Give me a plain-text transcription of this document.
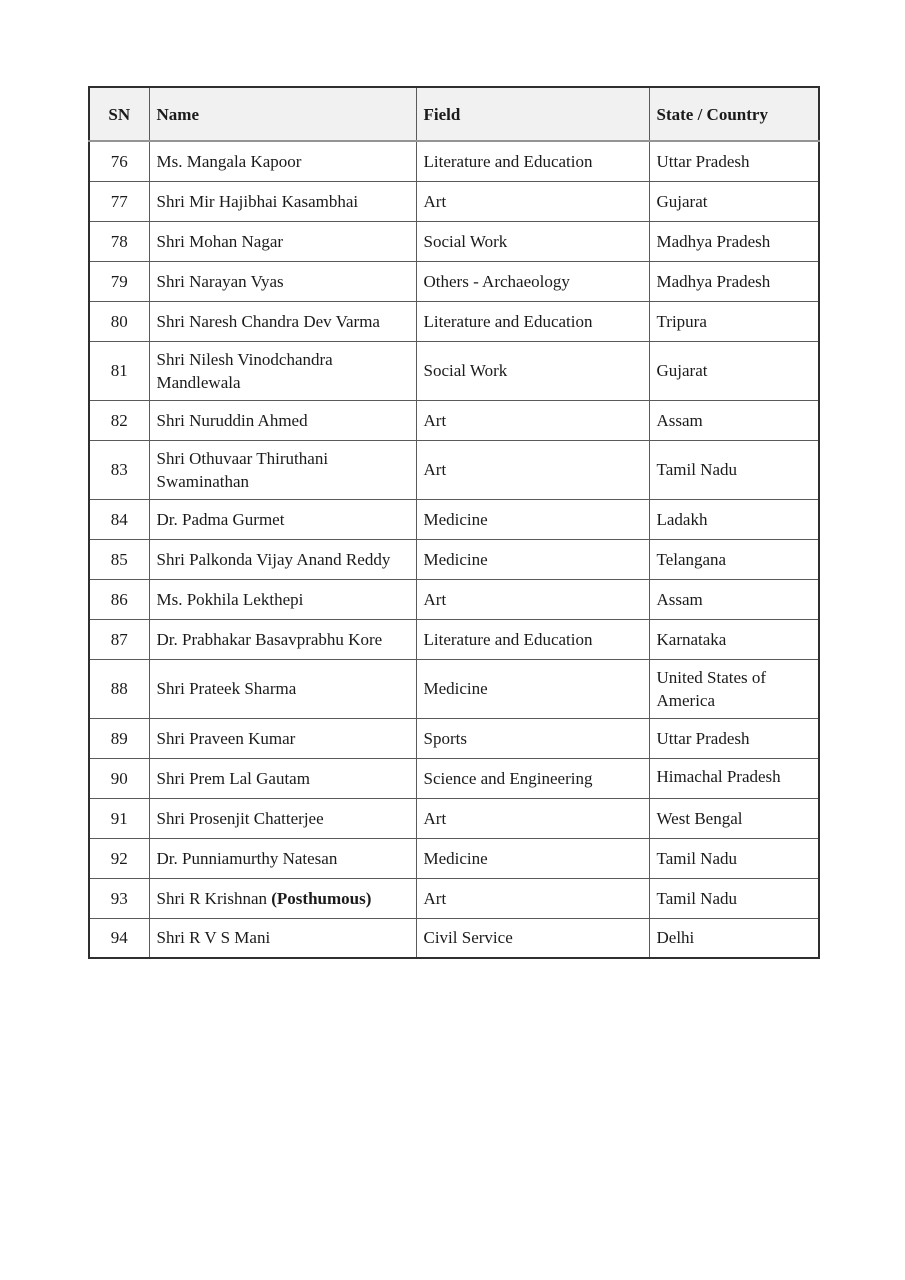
SN	Name	Field	State / Country
76	Ms. Mangala Kapoor	Literature and Education	Uttar Pradesh
77	Shri Mir Hajibhai Kasambhai	Art	Gujarat
78	Shri Mohan Nagar	Social Work	Madhya Pradesh
79	Shri Narayan Vyas	Others - Archaeology	Madhya Pradesh
80	Shri Naresh Chandra Dev Varma	Literature and Education	Tripura
81	Shri Nilesh Vinodchandra Mandlewala	Social Work	Gujarat
82	Shri Nuruddin Ahmed	Art	Assam
83	Shri Othuvaar Thiruthani Swaminathan	Art	Tamil Nadu
84	Dr. Padma Gurmet	Medicine	Ladakh
85	Shri Palkonda Vijay Anand Reddy	Medicine	Telangana
86	Ms. Pokhila Lekthepi	Art	Assam
87	Dr. Prabhakar Basavprabhu Kore	Literature and Education	Karnataka
88	Shri Prateek Sharma	Medicine	United States of America
89	Shri Praveen Kumar	Sports	Uttar Pradesh
90	Shri Prem Lal Gautam	Science and Engineering	Himachal Pradesh
91	Shri Prosenjit Chatterjee	Art	West Bengal
92	Dr. Punniamurthy Natesan	Medicine	Tamil Nadu
93	Shri R Krishnan (Posthumous)	Art	Tamil Nadu
94	Shri R V S Mani	Civil Service	Delhi
